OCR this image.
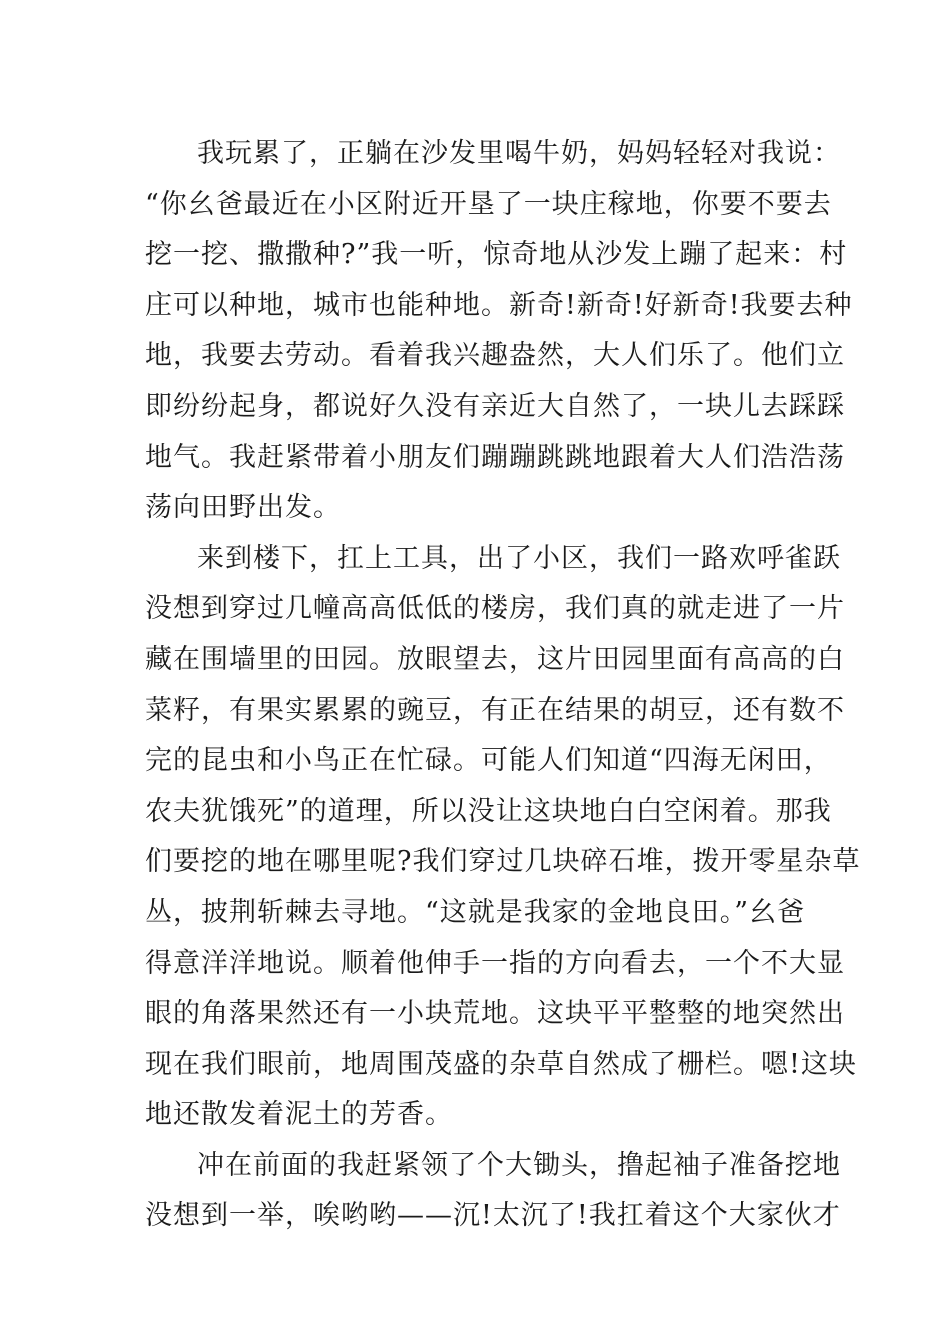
我玩累了，正躺在沙发里喝牛奶，妈妈轻轻对我说：
“你幺爸最近在小区附近开垦了一块庄稼地，你要不要去
挖一挖、撒撒种?”我一听，惊奇地从沙发上蹦了起来：村
庄可以种地，城市也能种地。新奇!新奇!好新奇!我要去种
地，我要去劳动。看着我兴趣盎然，大人们乐了。他们立
即纷纷起身，都说好久没有亲近大自然了，一块儿去踩踩
地气。我赶紧带着小朋友们蹦蹦跳跳地跟着大人们浩浩荡
荡向田野出发。
来到楼下，扛上工具，出了小区，我们一路欢呼雀跃
没想到穿过几幢高高低低的楼房，我们真的就走进了一片
藏在围墙里的田园。放眼望去，这片田园里面有高高的白
菜籽，有果实累累的豌豆，有正在结果的胡豆，还有数不
完的昆虫和小鸟正在忙碌。可能人们知道“四海无闲田，
农夫犹饿死”的道理，所以没让这块地白白空闲着。那我
们要挖的地在哪里呢?我们穿过几块碎石堆，拨开零星杂草
丛，披荆斩棘去寻地。“这就是我家的金地良田。”幺爸
得意洋洋地说。顺着他伸手一指的方向看去，一个不大显
眼的角落果然还有一小块荒地。这块平平整整的地突然出
现在我们眼前，地周围茂盛的杂草自然成了栅栏。嗯!这块
地还散发着泥土的芳香。
冲在前面的我赶紧领了个大锄头，撸起袖子准备挖地
没想到一举，唉哟哟——沉!太沉了!我扛着这个大家伙才
